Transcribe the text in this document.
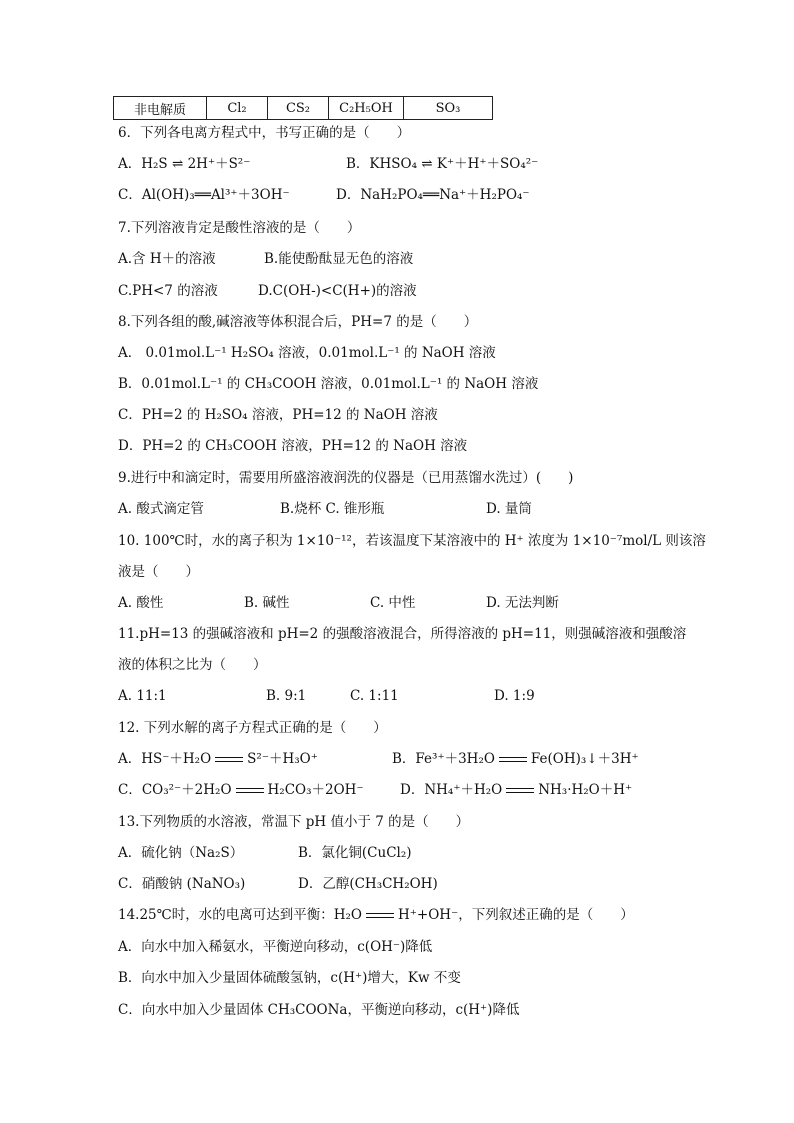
非电解质	Cl₂	CS₂	C₂H₅OH	SO₃
6．下列各电离方程式中，书写正确的是（　　）
A．H₂S ⇌ 2H⁺＋S²⁻	B．KHSO₄ ⇌ K⁺＋H⁺＋SO₄²⁻
C．Al(OH)₃══Al³⁺＋3OH⁻	D．NaH₂PO₄══Na⁺＋H₂PO₄⁻
7.下列溶液肯定是酸性溶液的是（　　）
A.含 H＋的溶液	B.能使酚酞显无色的溶液
C.PH<7 的溶液	D.C(OH-)<C(H+)的溶液
8.下列各组的酸,碱溶液等体积混合后，PH=7 的是（　　）
A． 0.01mol.L⁻¹ H₂SO₄ 溶液，0.01mol.L⁻¹ 的 NaOH 溶液
B．0.01mol.L⁻¹ 的 CH₃COOH 溶液，0.01mol.L⁻¹ 的 NaOH 溶液
C．PH=2 的 H₂SO₄ 溶液，PH=12 的 NaOH 溶液
D．PH=2 的 CH₃COOH 溶液，PH=12 的 NaOH 溶液
9.进行中和滴定时，需要用所盛溶液润洗的仪器是（已用蒸馏水洗过）(　　)
A. 酸式滴定管	B.烧杯 C. 锥形瓶	D. 量筒
10. 100℃时，水的离子积为 1×10⁻¹²，若该温度下某溶液中的 H⁺ 浓度为 1×10⁻⁷mol/L 则该溶
液是（　　）
A. 酸性	B. 碱性	C. 中性	D. 无法判断
11.pH=13 的强碱溶液和 pH=2 的强酸溶液混合，所得溶液的 pH=11，则强碱溶液和强酸溶
液的体积之比为（　　）
A. 11:1	B. 9:1	C. 1:11	D. 1:9
12. 下列水解的离子方程式正确的是（　　）
A．HS⁻＋H₂O	S²⁻＋H₃O⁺	B．Fe³⁺＋3H₂O	Fe(OH)₃↓＋3H⁺
C．CO₃²⁻＋2H₂O	H₂CO₃＋2OH⁻	D．NH₄⁺＋H₂O	NH₃·H₂O＋H⁺
13.下列物质的水溶液，常温下 pH 值小于 7 的是（　　）
A．硫化钠（Na₂S）	B．氯化铜(CuCl₂)
C．硝酸钠 (NaNO₃)	D．乙醇(CH₃CH₂OH)
14.25℃时，水的电离可达到平衡：H₂O	H⁺+OH⁻，下列叙述正确的是（　　）
A．向水中加入稀氨水，平衡逆向移动，c(OH⁻)降低
B．向水中加入少量固体硫酸氢钠，c(H⁺)增大，Kw 不变
C．向水中加入少量固体 CH₃COONa，平衡逆向移动，c(H⁺)降低
